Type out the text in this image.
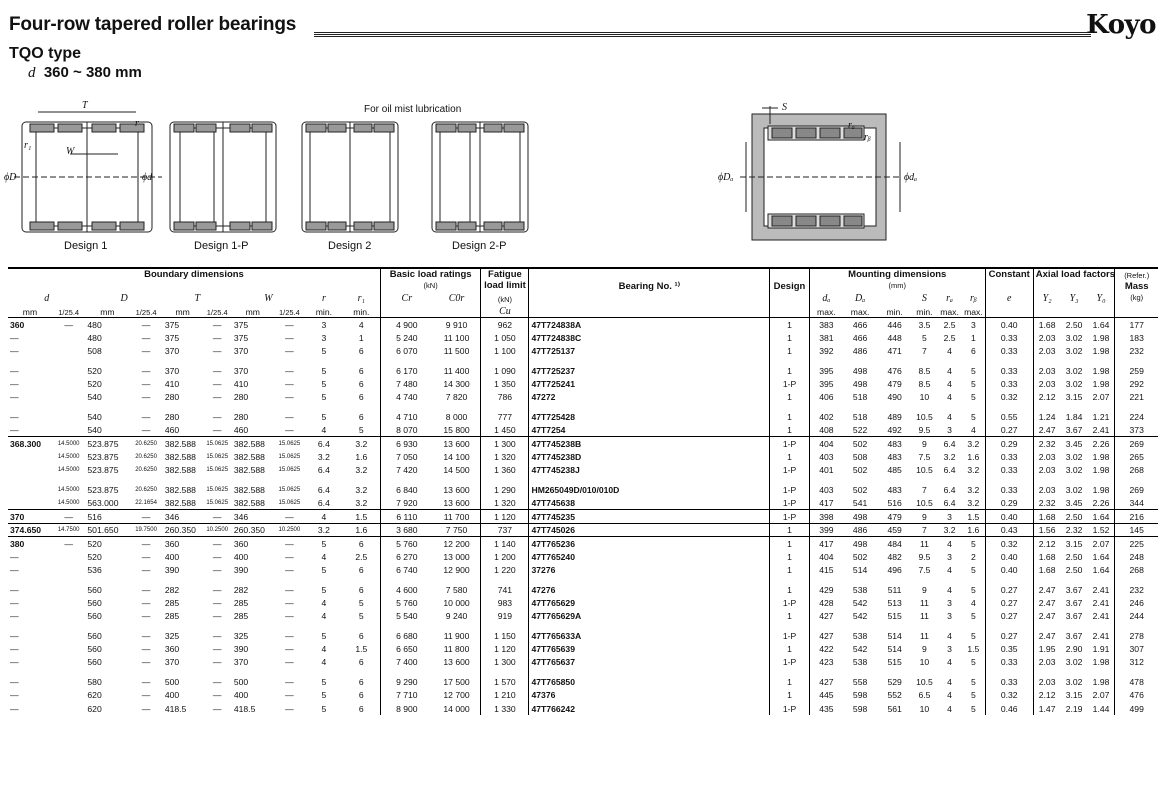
Four-row tapered roller bearings	Koyo
TQO type
d 360 ~ 380 mm
For oil mist lubrication
Design 1	Design 1-P	Design 2	Design 2-P
T
r
r₁
W
ϕD	ϕd
S
rₐ
rᵦ
ϕDₐ	ϕdₐ
Boundary dimensions										Basic load ratings
(kN)		Fatigue load limit	Bearing No. ¹⁾	Design	Mounting dimensions
(mm)						Constant	Axial load factors			(Refer.)
Mass
(kg)
d		D		T		W		r	r₁	Cr	C0r	(kN)			dₐ	Dₐ		S	rₐ	rᵦ	e	Y₂	Y₃	Y₀	
mm	1/25.4	mm	1/25.4	mm	1/25.4	mm	1/25.4	min.	min.			Cu			max.	max.	min.	min.	max.	max.					
360	—	480	—	375	—	375	—	3	4	4 900	9 910	962	47T724838A	1	383	466	446	3.5	2.5	3	0.40	1.68	2.50	1.64	177
—		480	—	375	—	375	—	3	1	5 240	11 100	1 050	47T724838C	1	381	466	448	5	2.5	1	0.33	2.03	3.02	1.98	183
—		508	—	370	—	370	—	5	6	6 070	11 500	1 100	47T725137	1	392	486	471	7	4	6	0.33	2.03	3.02	1.98	232

—		520	—	370	—	370	—	5	6	6 170	11 400	1 090	47T725237	1	395	498	476	8.5	4	5	0.33	2.03	3.02	1.98	259
—		520	—	410	—	410	—	5	6	7 480	14 300	1 350	47T725241	1-P	395	498	479	8.5	4	5	0.33	2.03	3.02	1.98	292
—		540	—	280	—	280	—	5	6	4 740	7 820	786	47272	1	406	518	490	10	4	5	0.32	2.12	3.15	2.07	221

—		540	—	280	—	280	—	5	6	4 710	8 000	777	47T725428	1	402	518	489	10.5	4	5	0.55	1.24	1.84	1.21	224
—		540	—	460	—	460	—	4	5	8 070	15 800	1 450	47T7254	1	408	522	492	9.5	3	4	0.27	2.47	3.67	2.41	373
368.300	14.5000	523.875	20.6250	382.588	15.0625	382.588	15.0625	6.4	3.2	6 930	13 600	1 300	47T745238B	1-P	404	502	483	9	6.4	3.2	0.29	2.32	3.45	2.26	269
	14.5000	523.875	20.6250	382.588	15.0625	382.588	15.0625	3.2	1.6	7 050	14 100	1 320	47T745238D	1	403	508	483	7.5	3.2	1.6	0.33	2.03	3.02	1.98	265
	14.5000	523.875	20.6250	382.588	15.0625	382.588	15.0625	6.4	3.2	7 420	14 500	1 360	47T745238J	1-P	401	502	485	10.5	6.4	3.2	0.33	2.03	3.02	1.98	268

	14.5000	523.875	20.6250	382.588	15.0625	382.588	15.0625	6.4	3.2	6 840	13 600	1 290	HM265049D/010/010D	1-P	403	502	483	7	6.4	3.2	0.33	2.03	3.02	1.98	269
	14.5000	563.000	22.1654	382.588	15.0625	382.588	15.0625	6.4	3.2	7 920	13 600	1 320	47T745638	1-P	417	541	516	10.5	6.4	3.2	0.29	2.32	3.45	2.26	344
370	—	516	—	346	—	346	—	4	1.5	6 110	11 700	1 120	47T745235	1-P	398	498	479	9	3	1.5	0.40	1.68	2.50	1.64	216
374.650	14.7500	501.650	19.7500	260.350	10.2500	260.350	10.2500	3.2	1.6	3 680	7 750	737	47T745026	1	399	486	459	7	3.2	1.6	0.43	1.56	2.32	1.52	145
380	—	520	—	360	—	360	—	5	6	5 760	12 200	1 140	47T765236	1	417	498	484	11	4	5	0.32	2.12	3.15	2.07	225
—		520	—	400	—	400	—	4	2.5	6 270	13 000	1 200	47T765240	1	404	502	482	9.5	3	2	0.40	1.68	2.50	1.64	248
—		536	—	390	—	390	—	5	6	6 740	12 900	1 220	37276	1	415	514	496	7.5	4	5	0.40	1.68	2.50	1.64	268

—		560	—	282	—	282	—	5	6	4 600	7 580	741	47276	1	429	538	511	9	4	5	0.27	2.47	3.67	2.41	232
—		560	—	285	—	285	—	4	5	5 760	10 000	983	47T765629	1-P	428	542	513	11	3	4	0.27	2.47	3.67	2.41	246
—		560	—	285	—	285	—	4	5	5 540	9 240	919	47T765629A	1	427	542	515	11	3	5	0.27	2.47	3.67	2.41	244

—		560	—	325	—	325	—	5	6	6 680	11 900	1 150	47T765633A	1-P	427	538	514	11	4	5	0.27	2.47	3.67	2.41	278
—		560	—	360	—	390	—	4	1.5	6 650	11 800	1 120	47T765639	1	422	542	514	9	3	1.5	0.35	1.95	2.90	1.91	307
—		560	—	370	—	370	—	4	6	7 400	13 600	1 300	47T765637	1-P	423	538	515	10	4	5	0.33	2.03	3.02	1.98	312

—		580	—	500	—	500	—	5	6	9 290	17 500	1 570	47T765850	1	427	558	529	10.5	4	5	0.33	2.03	3.02	1.98	478
—		620	—	400	—	400	—	5	6	7 710	12 700	1 210	47376	1	445	598	552	6.5	4	5	0.32	2.12	3.15	2.07	476
—		620	—	418.5	—	418.5	—	5	6	8 900	14 000	1 330	47T766242	1-P	435	598	561	10	4	5	0.46	1.47	2.19	1.44	499
